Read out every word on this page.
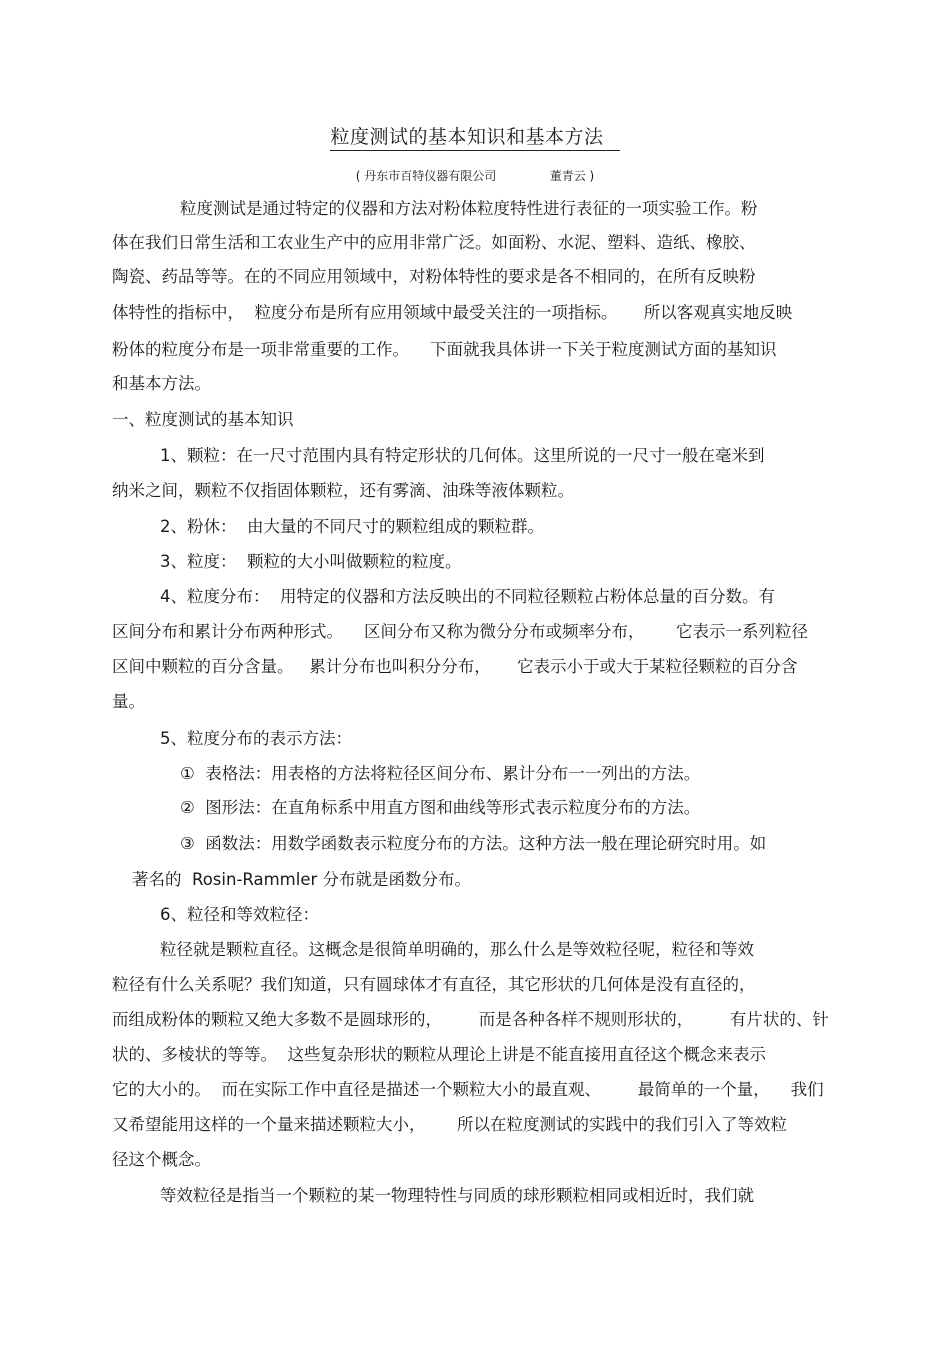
粒度测试的基本知识和基本方法
( 丹东市百特仪器有限公司              董青云 )
粒度测试是通过特定的仪器和方法对粉体粒度特性进行表征的一项实验工作。粉
体在我们日常生活和工农业生产中的应用非常广泛。如面粉、水泥、塑料、造纸、橡胶、
陶瓷、药品等等。在的不同应用领域中，对粉体特性的要求是各不相同的，在所有反映粉
体特性的指标中，  粒度分布是所有应用领域中最受关注的一项指标。     所以客观真实地反映
粉体的粒度分布是一项非常重要的工作。    下面就我具体讲一下关于粒度测试方面的基知识
和基本方法。
一、粒度测试的基本知识
1、颗粒：在一尺寸范围内具有特定形状的几何体。这里所说的一尺寸一般在毫米到
纳米之间，颗粒不仅指固体颗粒，还有雾滴、油珠等液体颗粒。
2、粉休：  由大量的不同尺寸的颗粒组成的颗粒群。
3、粒度：  颗粒的大小叫做颗粒的粒度。
4、粒度分布：  用特定的仪器和方法反映出的不同粒径颗粒占粉体总量的百分数。有
区间分布和累计分布两种形式。    区间分布又称为微分分布或频率分布，      它表示一系列粒径
区间中颗粒的百分含量。   累计分布也叫积分分布，     它表示小于或大于某粒径颗粒的百分含
量。
5、粒度分布的表示方法：
①  表格法：用表格的方法将粒径区间分布、累计分布一一列出的方法。
②  图形法：在直角标系中用直方图和曲线等形式表示粒度分布的方法。
③  函数法：用数学函数表示粒度分布的方法。这种方法一般在理论研究时用。如
著名的  Rosin-Rammler 分布就是函数分布。
6、粒径和等效粒径：
粒径就是颗粒直径。这概念是很简单明确的，那么什么是等效粒径呢，粒径和等效
粒径有什么关系呢？我们知道，只有圆球体才有直径，其它形状的几何体是没有直径的，
而组成粉体的颗粒又绝大多数不是圆球形的，       而是各种各样不规则形状的，       有片状的、针
状的、多棱状的等等。  这些复杂形状的颗粒从理论上讲是不能直接用直径这个概念来表示
它的大小的。  而在实际工作中直径是描述一个颗粒大小的最直观、       最简单的一个量，    我们
又希望能用这样的一个量来描述颗粒大小，      所以在粒度测试的实践中的我们引入了等效粒
径这个概念。
等效粒径是指当一个颗粒的某一物理特性与同质的球形颗粒相同或相近时，我们就
